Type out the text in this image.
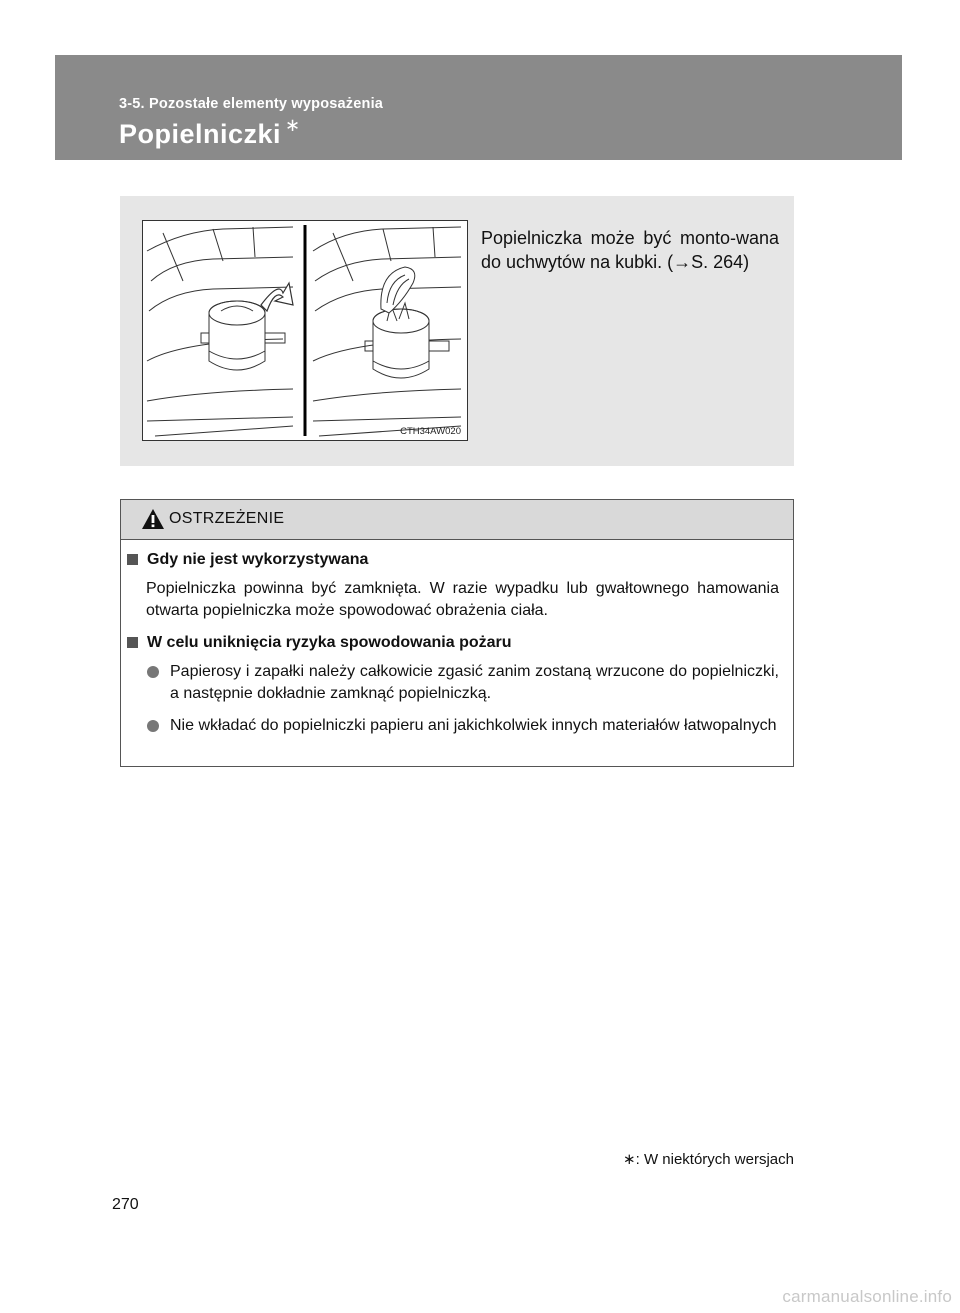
3-5. Pozostałe elementy wyposażenia
Popielniczki ∗
CTH34AW020
Popielniczka może być monto-wana do uchwytów na kubki. (→S. 264)
OSTRZEŻENIE
Gdy nie jest wykorzystywana
Popielniczka powinna być zamknięta. W razie wypadku lub gwałtownego hamowania otwarta popielniczka może spowodować obrażenia ciała.
W celu uniknięcia ryzyka spowodowania pożaru
Papierosy i zapałki należy całkowicie zgasić zanim zostaną wrzucone do popielniczki, a następnie dokładnie zamknąć popielniczką.
Nie wkładać do popielniczki papieru ani jakichkolwiek innych materiałów łatwopalnych
∗: W niektórych wersjach
270
carmanualsonline.info
